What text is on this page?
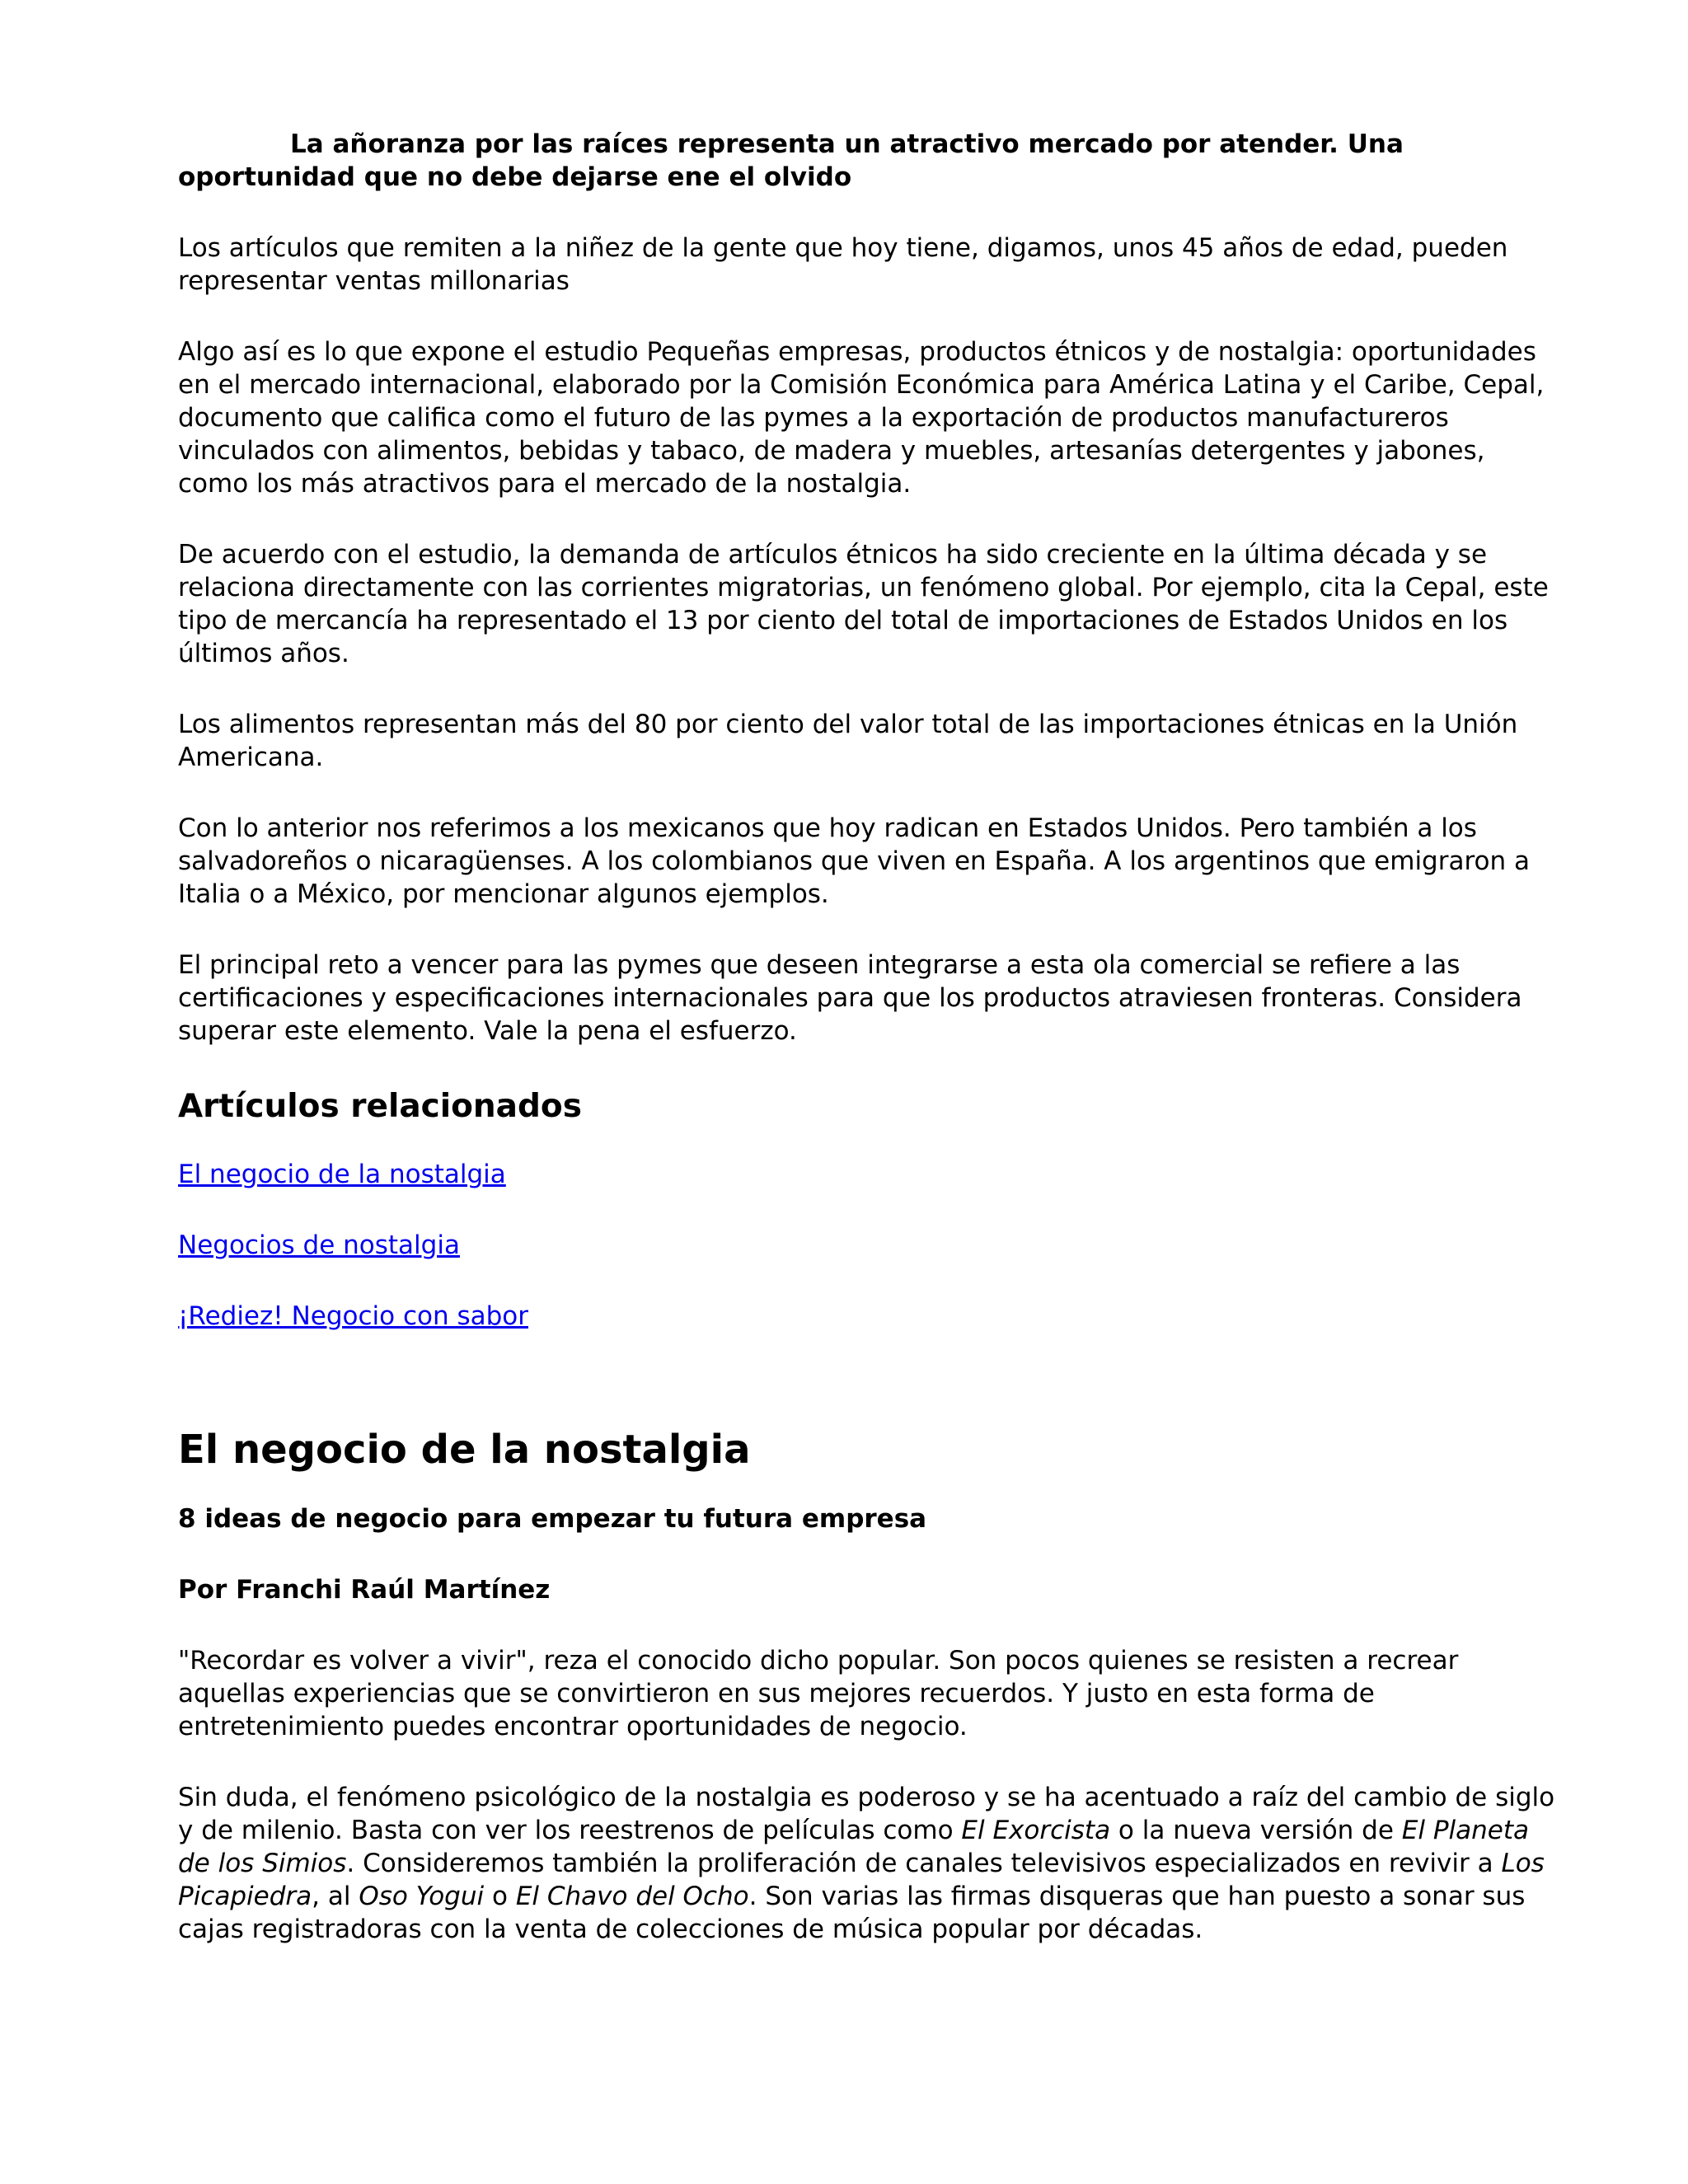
La añoranza por las raíces representa un atractivo mercado por atender. Una oportunidad que no debe dejarse ene el olvido

Los artículos que remiten a la niñez de la gente que hoy tiene, digamos, unos 45 años de edad, pueden representar ventas millonarias

Algo así es lo que expone el estudio Pequeñas empresas, productos étnicos y de nostalgia: oportunidades en el mercado internacional, elaborado por la Comisión Económica para América Latina y el Caribe, Cepal, documento que califica como el futuro de las pymes a la exportación de productos manufactureros vinculados con alimentos, bebidas y tabaco, de madera y muebles, artesanías detergentes y jabones, como los más atractivos para el mercado de la nostalgia.

De acuerdo con el estudio, la demanda de artículos étnicos ha sido creciente en la última década y se relaciona directamente con las corrientes migratorias, un fenómeno global. Por ejemplo, cita la Cepal, este tipo de mercancía ha representado el 13 por ciento del total de importaciones de Estados Unidos en los últimos años.

Los alimentos representan más del 80 por ciento del valor total de las importaciones étnicas en la Unión Americana.

Con lo anterior nos referimos a los mexicanos que hoy radican en Estados Unidos. Pero también a los salvadoreños o nicaragüenses. A los colombianos que viven en España. A los argentinos que emigraron a Italia o a México, por mencionar algunos ejemplos.

El principal reto a vencer para las pymes que deseen integrarse a esta ola comercial se refiere a las certificaciones y especificaciones internacionales para que los productos atraviesen fronteras. Considera superar este elemento. Vale la pena el esfuerzo.

Artículos relacionados

El negocio de la nostalgia

Negocios de nostalgia

¡Rediez! Negocio con sabor

El negocio de la nostalgia

8 ideas de negocio para empezar tu futura empresa

Por Franchi Raúl Martínez

"Recordar es volver a vivir", reza el conocido dicho popular. Son pocos quienes se resisten a recrear aquellas experiencias que se convirtieron en sus mejores recuerdos. Y justo en esta forma de entretenimiento puedes encontrar oportunidades de negocio.

Sin duda, el fenómeno psicológico de la nostalgia es poderoso y se ha acentuado a raíz del cambio de siglo y de milenio. Basta con ver los reestrenos de películas como El Exorcista o la nueva versión de El Planeta de los Simios. Consideremos también la proliferación de canales televisivos especializados en revivir a Los Picapiedra, al Oso Yogui o El Chavo del Ocho. Son varias las firmas disqueras que han puesto a sonar sus cajas registradoras con la venta de colecciones de música popular por décadas.
